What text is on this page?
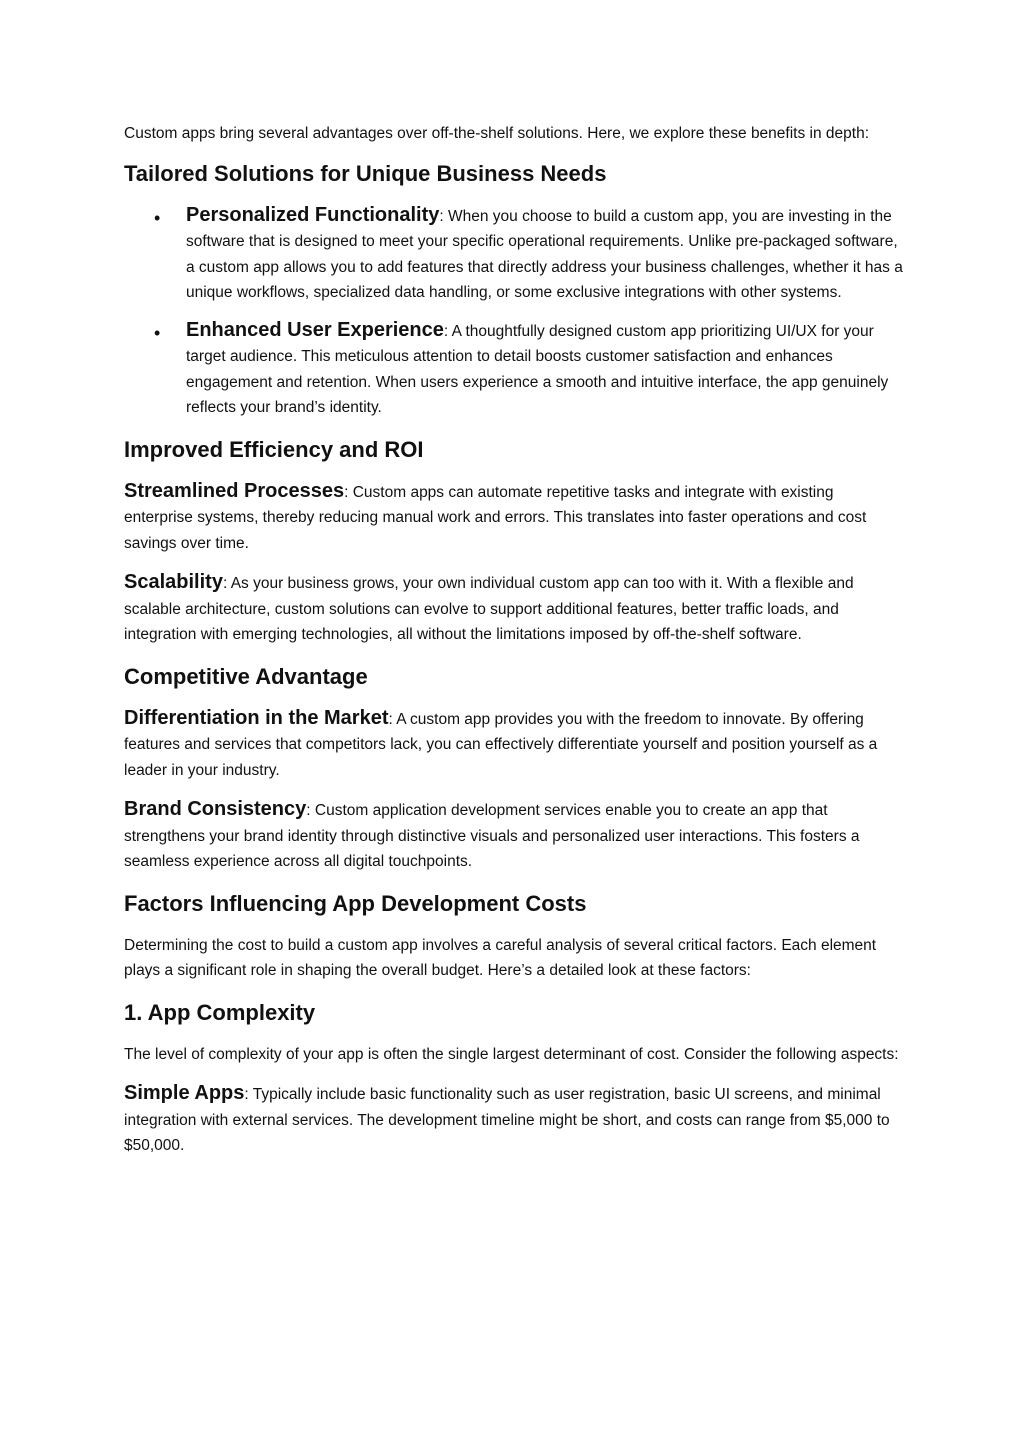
Custom apps bring several advantages over off-the-shelf solutions. Here, we explore these benefits in depth:

Tailored Solutions for Unique Business Needs
• Personalized Functionality: When you choose to build a custom app, you are investing in the software that is designed to meet your specific operational requirements. Unlike pre-packaged software, a custom app allows you to add features that directly address your business challenges, whether it has a unique workflows, specialized data handling, or some exclusive integrations with other systems.

• Enhanced User Experience: A thoughtfully designed custom app prioritizing UI/UX for your target audience. This meticulous attention to detail boosts customer satisfaction and enhances engagement and retention. When users experience a smooth and intuitive interface, the app genuinely reflects your brand’s identity.

Improved Efficiency and ROI

Streamlined Processes: Custom apps can automate repetitive tasks and integrate with existing enterprise systems, thereby reducing manual work and errors. This translates into faster operations and cost savings over time.

Scalability: As your business grows, your own individual custom app can too with it. With a flexible and scalable architecture, custom solutions can evolve to support additional features, better traffic loads, and integration with emerging technologies, all without the limitations imposed by off-the-shelf software.

Competitive Advantage

Differentiation in the Market: A custom app provides you with the freedom to innovate. By offering features and services that competitors lack, you can effectively differentiate yourself and position yourself as a leader in your industry.

Brand Consistency: Custom application development services enable you to create an app that strengthens your brand identity through distinctive visuals and personalized user interactions. This fosters a seamless experience across all digital touchpoints.

Factors Influencing App Development Costs

Determining the cost to build a custom app involves a careful analysis of several critical factors. Each element plays a significant role in shaping the overall budget. Here’s a detailed look at these factors:

1. App Complexity

The level of complexity of your app is often the single largest determinant of cost. Consider the following aspects:

Simple Apps: Typically include basic functionality such as user registration, basic UI screens, and minimal integration with external services. The development timeline might be short, and costs can range from $5,000 to $50,000.
